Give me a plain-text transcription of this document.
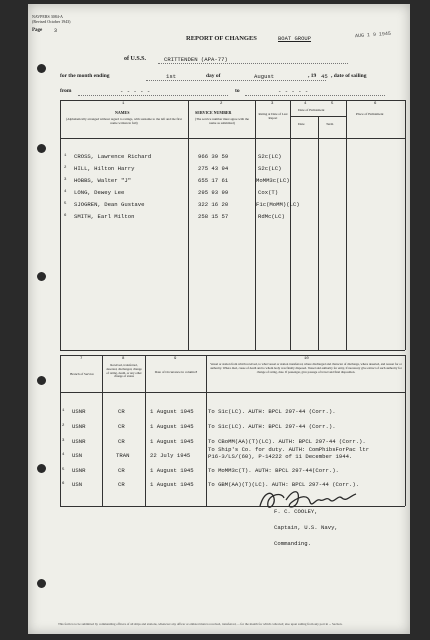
NAVPERS 3084-A
(Revised October 1943)
Page 3
REPORT OF CHANGES	BOAT GROUP	AUG 1 9 1945
of U.S.S.	CRITTENDEN (APA-77)
for the month ending	1st	day of	August	, 19 45 , date of sailing
from	- - - - -	to	- - - - -
1	2	3	4	5	6
NAMES
(Alphabetically arranged without regard to ratings, with surname to the left and the first name written in full)
SERVICE NUMBER
(The service number must agree with the name as submitted)
Rating at Date of Last Report
Date of Enlistment
Date	Term
Place of Enlistment
1 CROSS, Lawrence Richard	966 39 59	S2c(LC)
2 HILL, Hilton Harry	275 43 94	S2c(LC)
3 HOBBS, Walter "J"	655 17 61	MoMM3c(LC)
4 LONG, Dewey Lee	295 93 99	Cox(T)
5 SJOGREN, Dean Gustave	322 16 20	F1c(MoMM)(LC)
6 SMITH, Earl Milton	258 15 57	RdMc(LC)
7	8	9	10
Branch of Service
Received, transferred, deserted, discharged, change of rating, death, or any other change of status
Date of Occurrence in column 8
Vessel or station from which received, to what vessel or station transferred, where discharged and character of discharge, where deserted, and reason for or authority. Where died, cause of death and to whom body was finally disposed. Vessel and authority for entry, if necessary give extract of such authority for change of rating, date. If passenger, give passage of travel and final disposition.
1 USNR	CR	1 August 1945	To S1c(LC). AUTH: BPCL 297-44 (Corr.).
2 USNR	CR	1 August 1945	To S1c(LC). AUTH: BPCL 297-44 (Corr.).
3 USNR	CR	1 August 1945	To CBoMM(AA)(T)(LC). AUTH: BPCL 297-44 (Corr.).
4 USN	TRAN	22 July 1945
To Ship's Co. for duty. AUTH: ComPhibsForPac ltr
P16-3/LS/(60), P-14222 of 11 December 1944.
5 USNR	CR	1 August 1945	To MoMM3c(T). AUTH: BPCL 297-44(Corr.).
6 USN	CR	1 August 1945	To GBM(AA)(T)(LC). AUTH: BPCL 297-44 (Corr.).
F. C. COOLEY,
Captain, U.S. Navy,
Commanding.
This form is to be submitted by commanding officers of all ships and stations, whenever any officer or enlisted man is received, transferred, ... for the month for which collected; also upon sailing from any port in ... Section.
